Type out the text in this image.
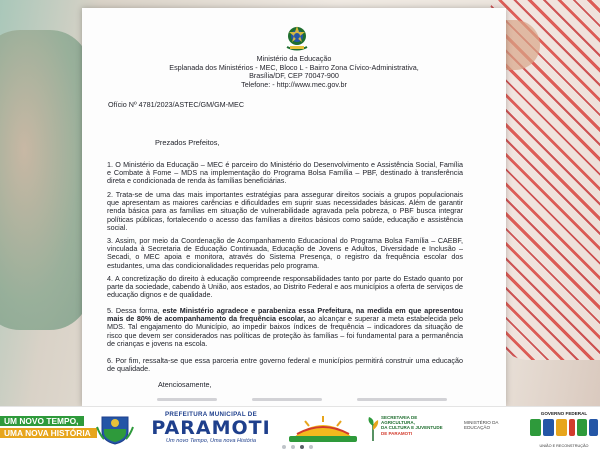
Ministério da Educação
Esplanada dos Ministérios - MEC, Bloco L - Bairro Zona Cívico-Administrativa,
Brasília/DF, CEP 70047-900
Telefone: - http://www.mec.gov.br
Ofício Nº 4781/2023/ASTEC/GM/GM-MEC
Prezados Prefeitos,
1. O Ministério da Educação – MEC é parceiro do Ministério do Desenvolvimento e Assistência Social, Família e Combate à Fome – MDS na implementação do Programa Bolsa Família – PBF, destinado à transferência direta e condicionada de renda às famílias beneficiárias.
2. Trata-se de uma das mais importantes estratégias para assegurar direitos sociais a grupos populacionais que apresentam as maiores carências e dificuldades em suprir suas necessidades básicas. Além de garantir renda básica para as famílias em situação de vulnerabilidade agravada pela pobreza, o PBF busca integrar políticas públicas, fortalecendo o acesso das famílias a direitos básicos como saúde, educação e assistência social.
3. Assim, por meio da Coordenação de Acompanhamento Educacional do Programa Bolsa Família – CAEBF, vinculada à Secretaria de Educação Continuada, Educação de Jovens e Adultos, Diversidade e Inclusão – Secadi, o MEC apoia e monitora, através do Sistema Presença, o registro da frequência escolar dos estudantes, uma das condicionalidades requeridas pelo programa.
4. A concretização do direito à educação compreende responsabilidades tanto por parte do Estado quanto por parte da sociedade, cabendo à União, aos estados, ao Distrito Federal e aos municípios a oferta de serviços de educação dignos e de qualidade.
5. Dessa forma, este Ministério agradece e parabeniza essa Prefeitura, na medida em que apresentou mais de 80% de acompanhamento da frequência escolar, ao alcançar e superar a meta estabelecida pelo MDS. Tal engajamento do Município, ao impedir baixos índices de frequência – indicadores da situação de risco que devem ser considerados nas políticas de proteção às famílias – foi fundamental para a permanência de crianças e jovens na escola.
6. Por fim, ressalta-se que essa parceria entre governo federal e municípios permitirá construir uma educação de qualidade.
Atenciosamente,
UM NOVO TEMPO,
UMA NOVA HISTÓRIA
PREFEITURA MUNICIPAL DE
PARAMOTI
Um novo Tempo, Uma nova História
SECRETARIA DE
AGRICULTURA,
DA CULTURA E JUVENTUDE
DE PARAMOTI
MINISTÉRIO DA
EDUCAÇÃO
GOVERNO FEDERAL
UNIÃO E RECONSTRUÇÃO
